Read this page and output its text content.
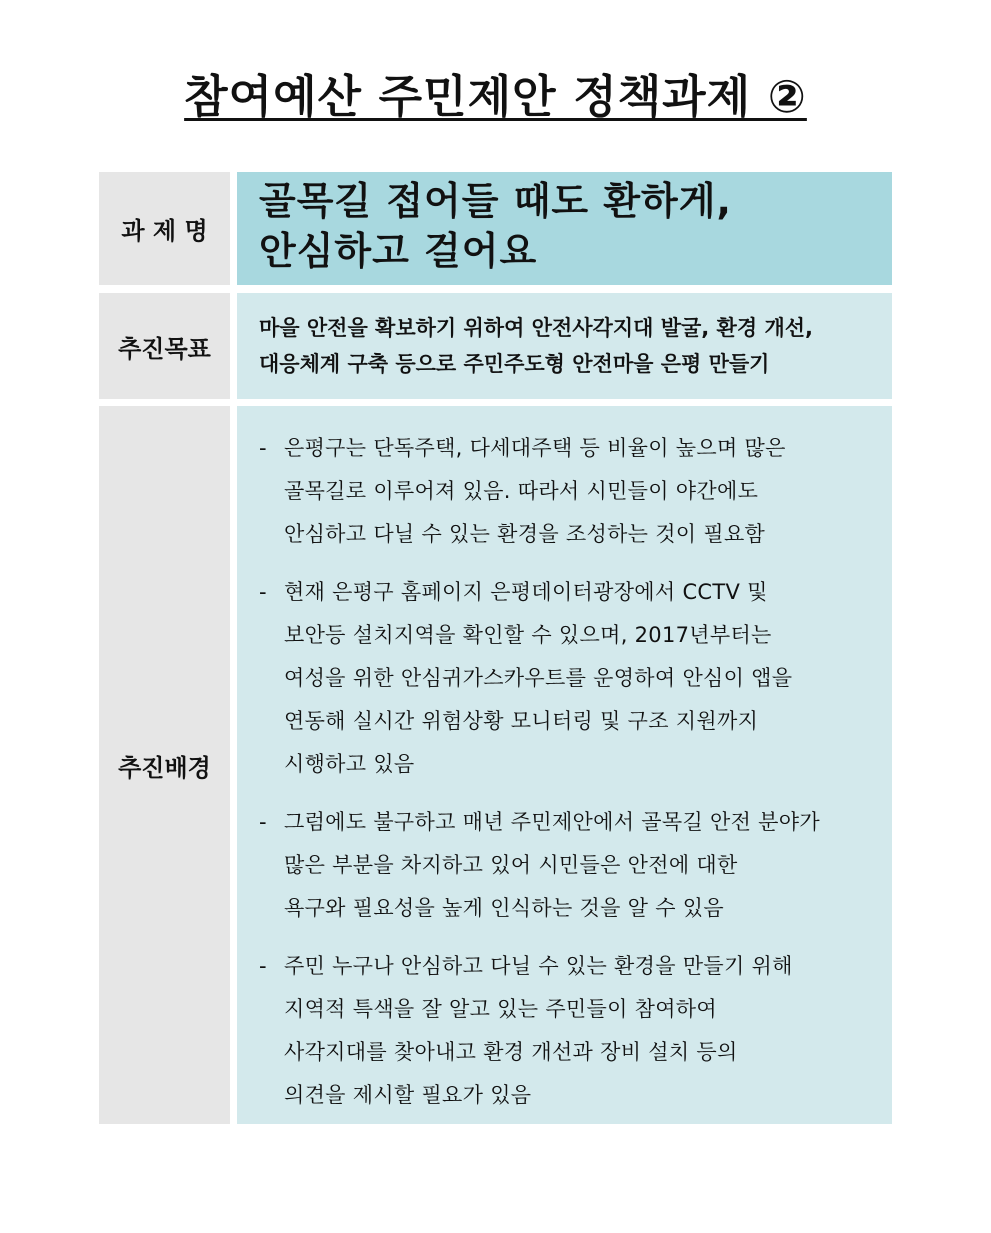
참여예산 주민제안 정책과제 ②
과 제 명
골목길 접어들 때도 환하게,
안심하고 걸어요
추진목표
마을 안전을 확보하기 위하여 안전사각지대 발굴, 환경 개선,
대응체계 구축 등으로 주민주도형 안전마을 은평 만들기
추진배경
- 은평구는 단독주택, 다세대주택 등 비율이 높으며 많은
골목길로 이루어져 있음. 따라서 시민들이 야간에도
안심하고 다닐 수 있는 환경을 조성하는 것이 필요함
- 현재 은평구 홈페이지 은평데이터광장에서 CCTV 및
보안등 설치지역을 확인할 수 있으며, 2017년부터는
여성을 위한 안심귀가스카우트를 운영하여 안심이 앱을
연동해 실시간 위험상황 모니터링 및 구조 지원까지
시행하고 있음
- 그럼에도 불구하고 매년 주민제안에서 골목길 안전 분야가
많은 부분을 차지하고 있어 시민들은 안전에 대한
욕구와 필요성을 높게 인식하는 것을 알 수 있음
- 주민 누구나 안심하고 다닐 수 있는 환경을 만들기 위해
지역적 특색을 잘 알고 있는 주민들이 참여하여
사각지대를 찾아내고 환경 개선과 장비 설치 등의
의견을 제시할 필요가 있음
